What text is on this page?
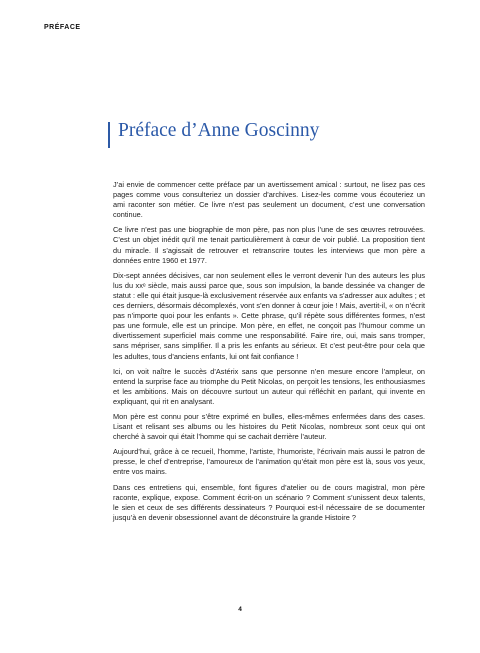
PRÉFACE
Préface d’Anne Goscinny

J’ai envie de commencer cette préface par un avertissement amical : surtout, ne lisez pas ces pages comme vous consulteriez un dossier d’archives. Lisez-les comme vous écouteriez un ami raconter son métier. Ce livre n’est pas seulement un document, c’est une conversation continue.

Ce livre n’est pas une biographie de mon père, pas non plus l’une de ses œuvres retrouvées. C’est un objet inédit qu’il me tenait particulièrement à cœur de voir publié. La proposition tient du miracle. Il s’agissait de retrouver et retranscrire toutes les interviews que mon père a données entre 1960 et 1977.

Dix-sept années décisives, car non seulement elles le verront devenir l’un des auteurs les plus lus du xxᵉ siècle, mais aussi parce que, sous son impulsion, la bande dessinée va changer de statut : elle qui était jusque-là exclusivement réservée aux enfants va s’adresser aux adultes ; et ces derniers, désormais décomplexés, vont s’en donner à cœur joie ! Mais, avertit-il, « on n’écrit pas n’importe quoi pour les enfants ». Cette phrase, qu’il répète sous différentes formes, n’est pas une formule, elle est un principe. Mon père, en effet, ne conçoit pas l’humour comme un divertissement superficiel mais comme une responsabilité. Faire rire, oui, mais sans tromper, sans mépriser, sans simplifier. Il a pris les enfants au sérieux. Et c’est peut-être pour cela que les adultes, tous d’anciens enfants, lui ont fait confiance !

Ici, on voit naître le succès d’Astérix sans que personne n’en mesure encore l’ampleur, on entend la surprise face au triomphe du Petit Nicolas, on perçoit les tensions, les enthousiasmes et les ambitions. Mais on découvre surtout un auteur qui réfléchit en parlant, qui invente en expliquant, qui rit en analysant.

Mon père est connu pour s’être exprimé en bulles, elles-mêmes enfermées dans des cases. Lisant et relisant ses albums ou les histoires du Petit Nicolas, nombreux sont ceux qui ont cherché à savoir qui était l’homme qui se cachait derrière l’auteur.

Aujourd’hui, grâce à ce recueil, l’homme, l’artiste, l’humoriste, l’écrivain mais aussi le patron de presse, le chef d’entreprise, l’amoureux de l’animation qu’était mon père est là, sous vos yeux, entre vos mains.

Dans ces entretiens qui, ensemble, font figures d’atelier ou de cours magistral, mon père raconte, explique, expose. Comment écrit-on un scénario ? Comment s’unissent deux talents, le sien et ceux de ses différents dessinateurs ? Pourquoi est-il nécessaire de se documenter jusqu’à en devenir obsessionnel avant de déconstruire la grande Histoire ?

4
